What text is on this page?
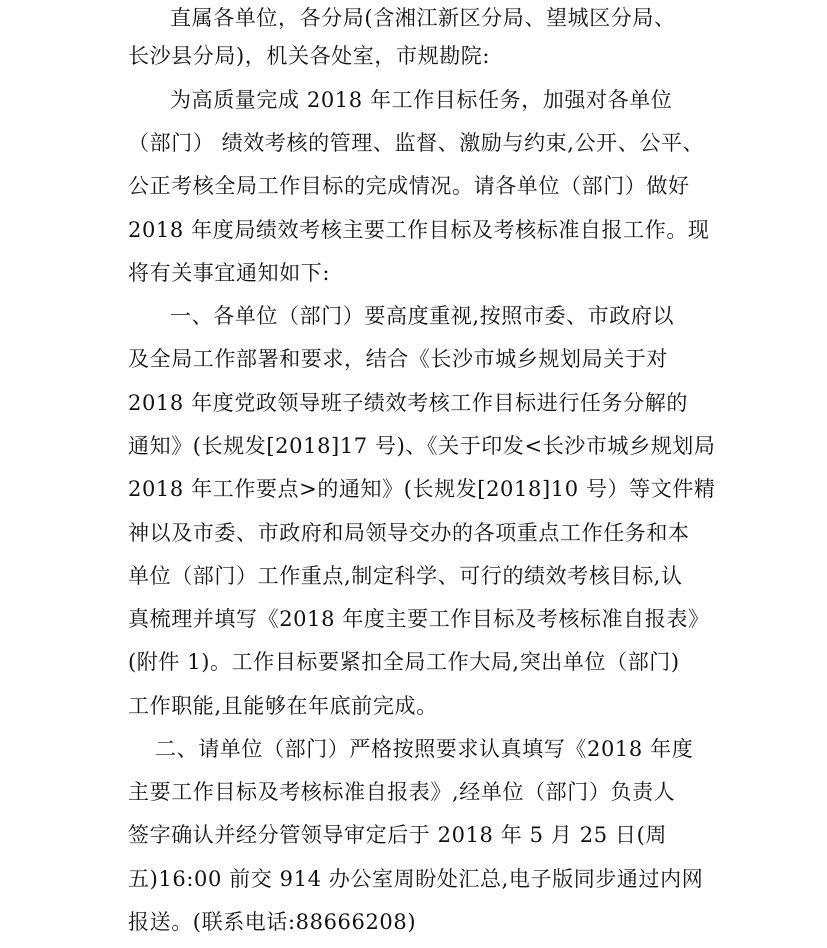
直属各单位，各分局(含湘江新区分局、望城区分局、
长沙县分局)，机关各处室，市规勘院:
为高质量完成 2018 年工作目标任务，加强对各单位
（部门） 绩效考核的管理、监督、激励与约束,公开、公平、
公正考核全局工作目标的完成情况。请各单位（部门）做好
2018 年度局绩效考核主要工作目标及考核标准自报工作。现
将有关事宜通知如下:
一、各单位（部门）要高度重视,按照市委、市政府以
及全局工作部署和要求，结合《长沙市城乡规划局关于对
2018 年度党政领导班子绩效考核工作目标进行任务分解的
通知》(长规发[2018]17 号)、《关于印发<长沙市城乡规划局
2018 年工作要点>的通知》(长规发[2018]10 号）等文件精
神以及市委、市政府和局领导交办的各项重点工作任务和本
单位（部门）工作重点,制定科学、可行的绩效考核目标,认
真梳理并填写《2018 年度主要工作目标及考核标准自报表》
(附件 1)。工作目标要紧扣全局工作大局,突出单位（部门)
工作职能,且能够在年底前完成。
二、请单位（部门）严格按照要求认真填写《2018 年度
主要工作目标及考核标准自报表》,经单位（部门）负责人
签字确认并经分管领导审定后于 2018 年 5 月 25 日(周
五)16:00 前交 914 办公室周盼处汇总,电子版同步通过内网
报送。(联系电话:88666208)
